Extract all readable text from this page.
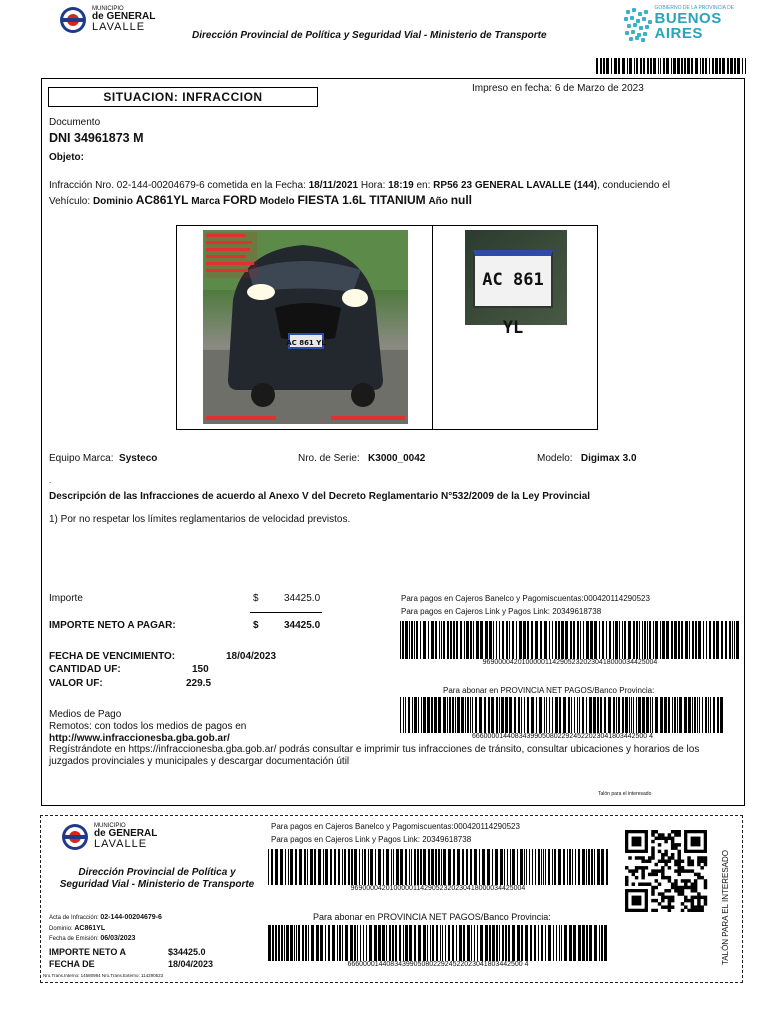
MUNICIPIO
de GENERAL
LAVALLE
Dirección Provincial de Política y Seguridad Vial - Ministerio de Transporte
GOBIERNO DE LA PROVINCIA DE
BUENOS AIRES
SITUACION: INFRACCION
Impreso en fecha: 6 de Marzo de 2023
Documento
DNI 34961873 M
Objeto:
Infracción Nro. 02-144-00204679-6 cometida en la Fecha: 18/11/2021 Hora: 18:19 en: RP56 23 GENERAL LAVALLE (144), conduciendo el
Vehículo: Dominio AC861YL Marca FORD Modelo FIESTA 1.6L TITANIUM Año null
AC 861 YL
AC 861 YL
Equipo Marca: Systeco	Nro. de Serie: K3000_0042	Modelo: Digimax 3.0
.
Descripción de las Infracciones de acuerdo al Anexo V del Decreto Reglamentario N°532/2009 de la Ley Provincial
1) Por no respetar los límites reglamentarios de velocidad previstos.
Importe	$	34425.0
IMPORTE NETO A PAGAR:	$	34425.0
FECHA DE VENCIMIENTO:	18/04/2023
CANTIDAD UF:	150
VALOR UF:	229.5
Para pagos en Cajeros Banelco y Pagomiscuentas:000420114290523
Para pagos en Cajeros Link y Pagos Link: 20349618738
969000042010000011429052320230418000034425004
Para abonar en PROVINCIA NET PAGOS/Banco Provincia:
666000014408343990508022924522023041803442500 4
Medios de Pago
Remotos: con todos los medios de pagos en
http://www.infraccionesba.gba.gob.ar/
Regístrándote en https://infraccionesba.gba.gob.ar/ podrás consultar e imprimir tus infracciones de tránsito, consultar ubicaciones y horarios de los juzgados provinciales y municipales y descargar documentación útil
Talón para el interesado
MUNICIPIO
de GENERAL
LAVALLE
Dirección Provincial de Política y
Seguridad Vial - Ministerio de Transporte
Para pagos en Cajeros Banelco y Pagomiscuentas:000420114290523
Para pagos en Cajeros Link y Pagos Link: 20349618738
969000042010000011429052320230418000034425004	TALÓN PARA EL INTERESADO
Acta de Infracción: 02-144-00204679-6
Dominio: AC861YL
Fecha de Emisión: 06/03/2023
IMPORTE NETO A	$34425.0
FECHA DE	18/04/2023
Nro.Trans.Interno: 14580984 Nro.Trans.Externo: 114290523
Para abonar en PROVINCIA NET PAGOS/Banco Provincia:
666000014408343990508022924522023041803442500 4
